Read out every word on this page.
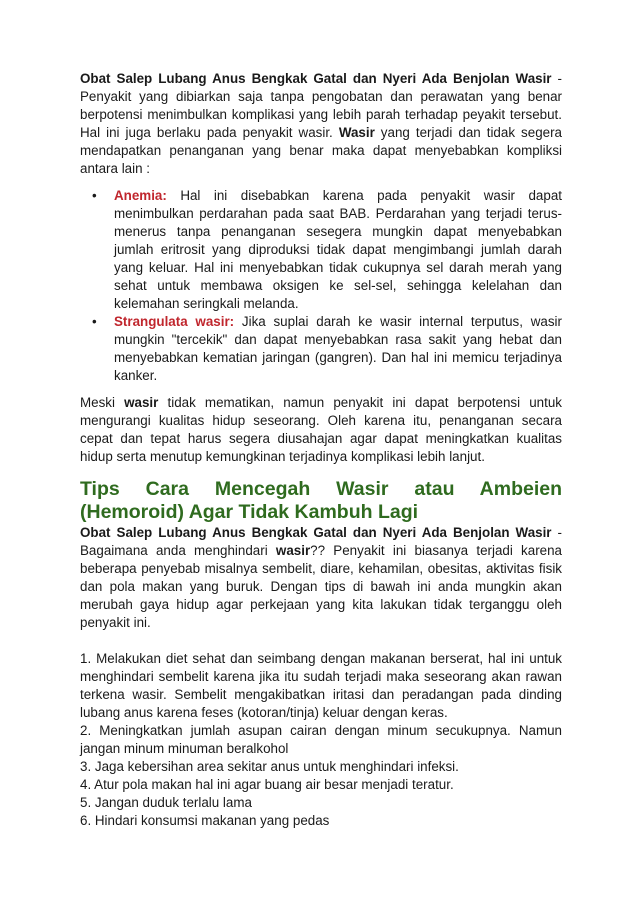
Obat Salep Lubang Anus Bengkak Gatal dan Nyeri Ada Benjolan Wasir - Penyakit yang dibiarkan saja tanpa pengobatan dan perawatan yang benar berpotensi menimbulkan komplikasi yang lebih parah terhadap peyakit tersebut. Hal ini juga berlaku pada penyakit wasir. Wasir yang terjadi dan tidak segera mendapatkan penanganan yang benar maka dapat menyebabkan kompliksi antara lain :

• Anemia: Hal ini disebabkan karena pada penyakit wasir dapat menimbulkan perdarahan pada saat BAB. Perdarahan yang terjadi terus-menerus tanpa penanganan sesegera mungkin dapat menyebabkan jumlah eritrosit yang diproduksi tidak dapat mengimbangi jumlah darah yang keluar. Hal ini menyebabkan tidak cukupnya sel darah merah yang sehat untuk membawa oksigen ke sel-sel, sehingga kelelahan dan kelemahan seringkali melanda.
• Strangulata wasir: Jika suplai darah ke wasir internal terputus, wasir mungkin "tercekik" dan dapat menyebabkan rasa sakit yang hebat dan menyebabkan kematian jaringan (gangren). Dan hal ini memicu terjadinya kanker.

Meski wasir tidak mematikan, namun penyakit ini dapat berpotensi untuk mengurangi kualitas hidup seseorang. Oleh karena itu, penanganan secara cepat dan tepat harus segera diusahajan agar dapat meningkatkan kualitas hidup serta menutup kemungkinan terjadinya komplikasi lebih lanjut.

Tips Cara Mencegah Wasir atau Ambeien (Hemoroid) Agar Tidak Kambuh Lagi

Obat Salep Lubang Anus Bengkak Gatal dan Nyeri Ada Benjolan Wasir - Bagaimana anda menghindari wasir?? Penyakit ini biasanya terjadi karena beberapa penyebab misalnya sembelit, diare, kehamilan, obesitas, aktivitas fisik dan pola makan yang buruk. Dengan tips di bawah ini anda mungkin akan merubah gaya hidup agar perkejaan yang kita lakukan tidak terganggu oleh penyakit ini.

1. Melakukan diet sehat dan seimbang dengan makanan berserat, hal ini untuk menghindari sembelit karena jika itu sudah terjadi maka seseorang akan rawan terkena wasir. Sembelit mengakibatkan iritasi dan peradangan pada dinding lubang anus karena feses (kotoran/tinja) keluar dengan keras.

2. Meningkatkan jumlah asupan cairan dengan minum secukupnya. Namun jangan minum minuman beralkohol

3. Jaga kebersihan area sekitar anus untuk menghindari infeksi.

4. Atur pola makan hal ini agar buang air besar menjadi teratur.

5. Jangan duduk terlalu lama

6. Hindari konsumsi makanan yang pedas
